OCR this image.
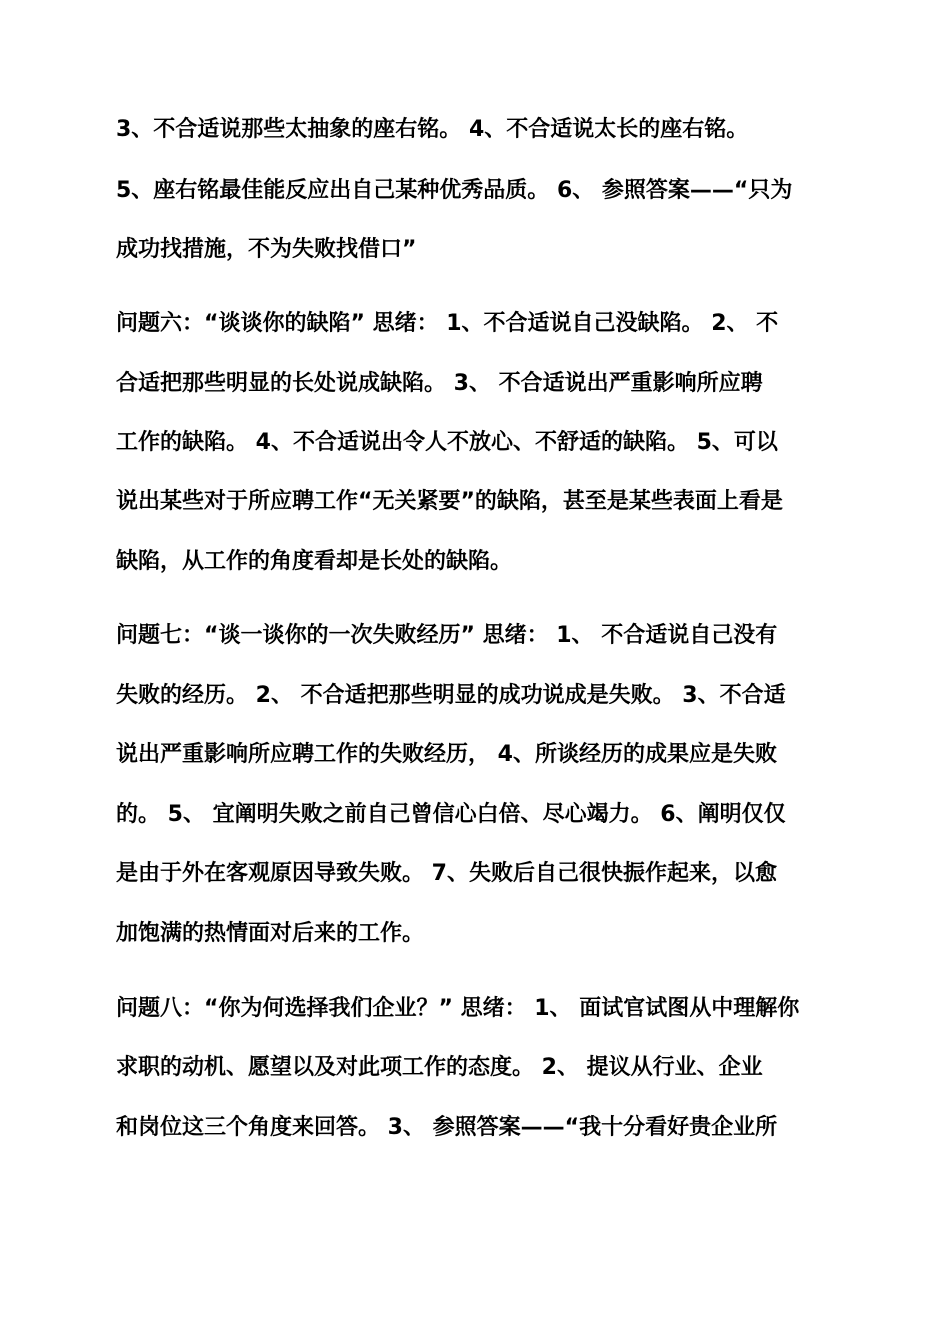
3、不合适说那些太抽象的座右铭。 4、不合适说太长的座右铭。
5、座右铭最佳能反应出自己某种优秀品质。 6、 参照答案——“只为
成功找措施，不为失败找借口”
问题六：“谈谈你的缺陷” 思绪： 1、不合适说自己没缺陷。 2、 不
合适把那些明显的长处说成缺陷。 3、 不合适说出严重影响所应聘
工作的缺陷。 4、不合适说出令人不放心、不舒适的缺陷。 5、可以
说出某些对于所应聘工作“无关紧要”的缺陷，甚至是某些表面上看是
缺陷，从工作的角度看却是长处的缺陷。
问题七：“谈一谈你的一次失败经历” 思绪： 1、 不合适说自己没有
失败的经历。 2、 不合适把那些明显的成功说成是失败。 3、不合适
说出严重影响所应聘工作的失败经历， 4、所谈经历的成果应是失败
的。 5、 宜阐明失败之前自己曾信心白倍、尽心竭力。 6、阐明仅仅
是由于外在客观原因导致失败。 7、失败后自己很快振作起来，以愈
加饱满的热情面对后来的工作。
问题八：“你为何选择我们企业？” 思绪： 1、 面试官试图从中理解你
求职的动机、愿望以及对此项工作的态度。 2、 提议从行业、企业
和岗位这三个角度来回答。 3、 参照答案——“我十分看好贵企业所
